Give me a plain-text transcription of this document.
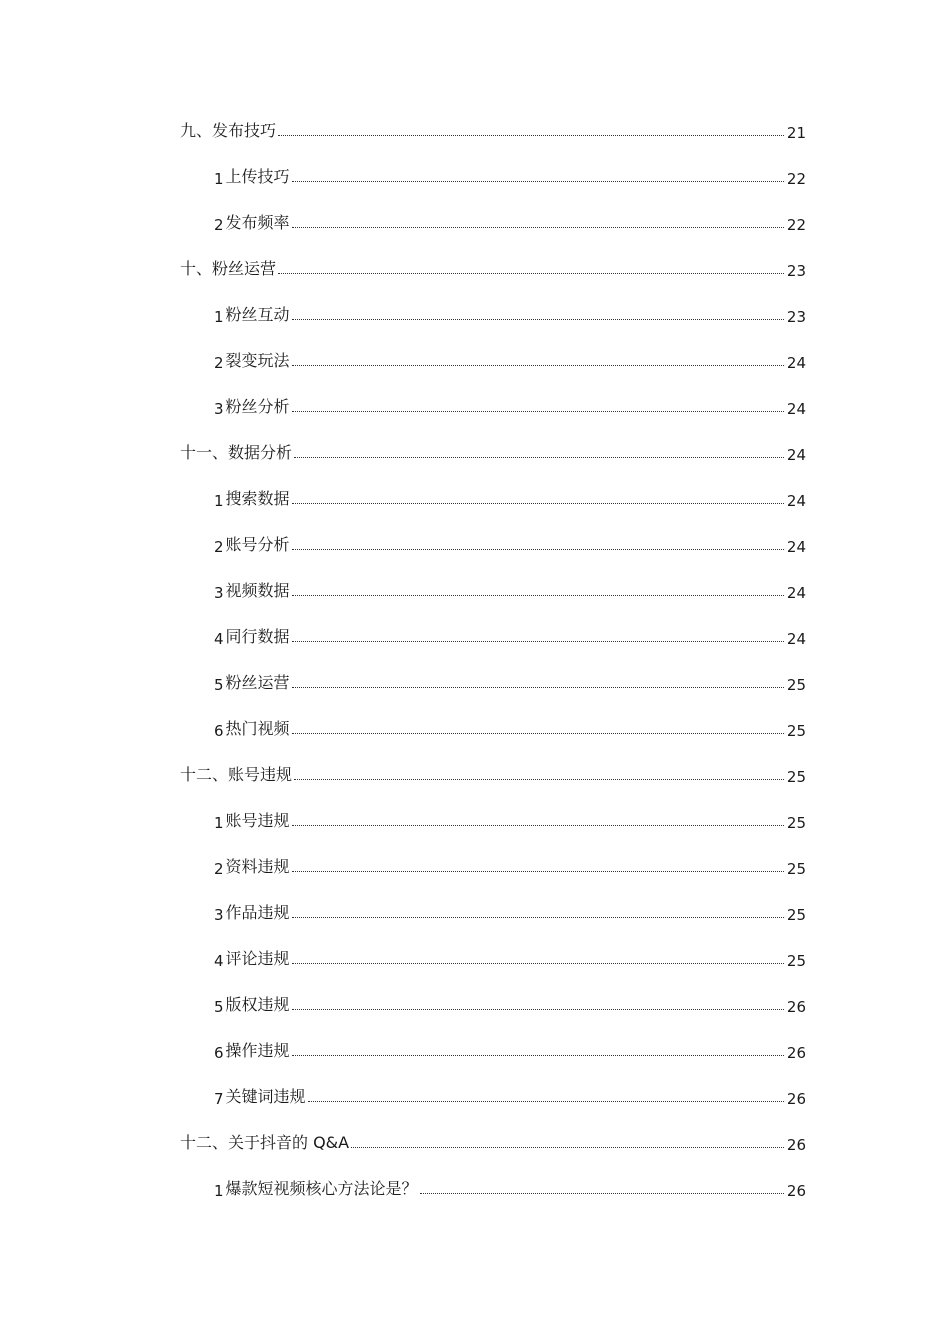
九、发布技巧	21
1 上传技巧	22
2 发布频率	22
十、粉丝运营	23
1 粉丝互动	23
2 裂变玩法	24
3 粉丝分析	24
十一、数据分析	24
1 搜索数据	24
2 账号分析	24
3 视频数据	24
4 同行数据	24
5 粉丝运营	25
6 热门视频	25
十二、账号违规	25
1 账号违规	25
2 资料违规	25
3 作品违规	25
4 评论违规	25
5 版权违规	26
6 操作违规	26
7 关键词违规	26
十二、关于抖音的 Q&A	26
1 爆款短视频核心方法论是？	26
